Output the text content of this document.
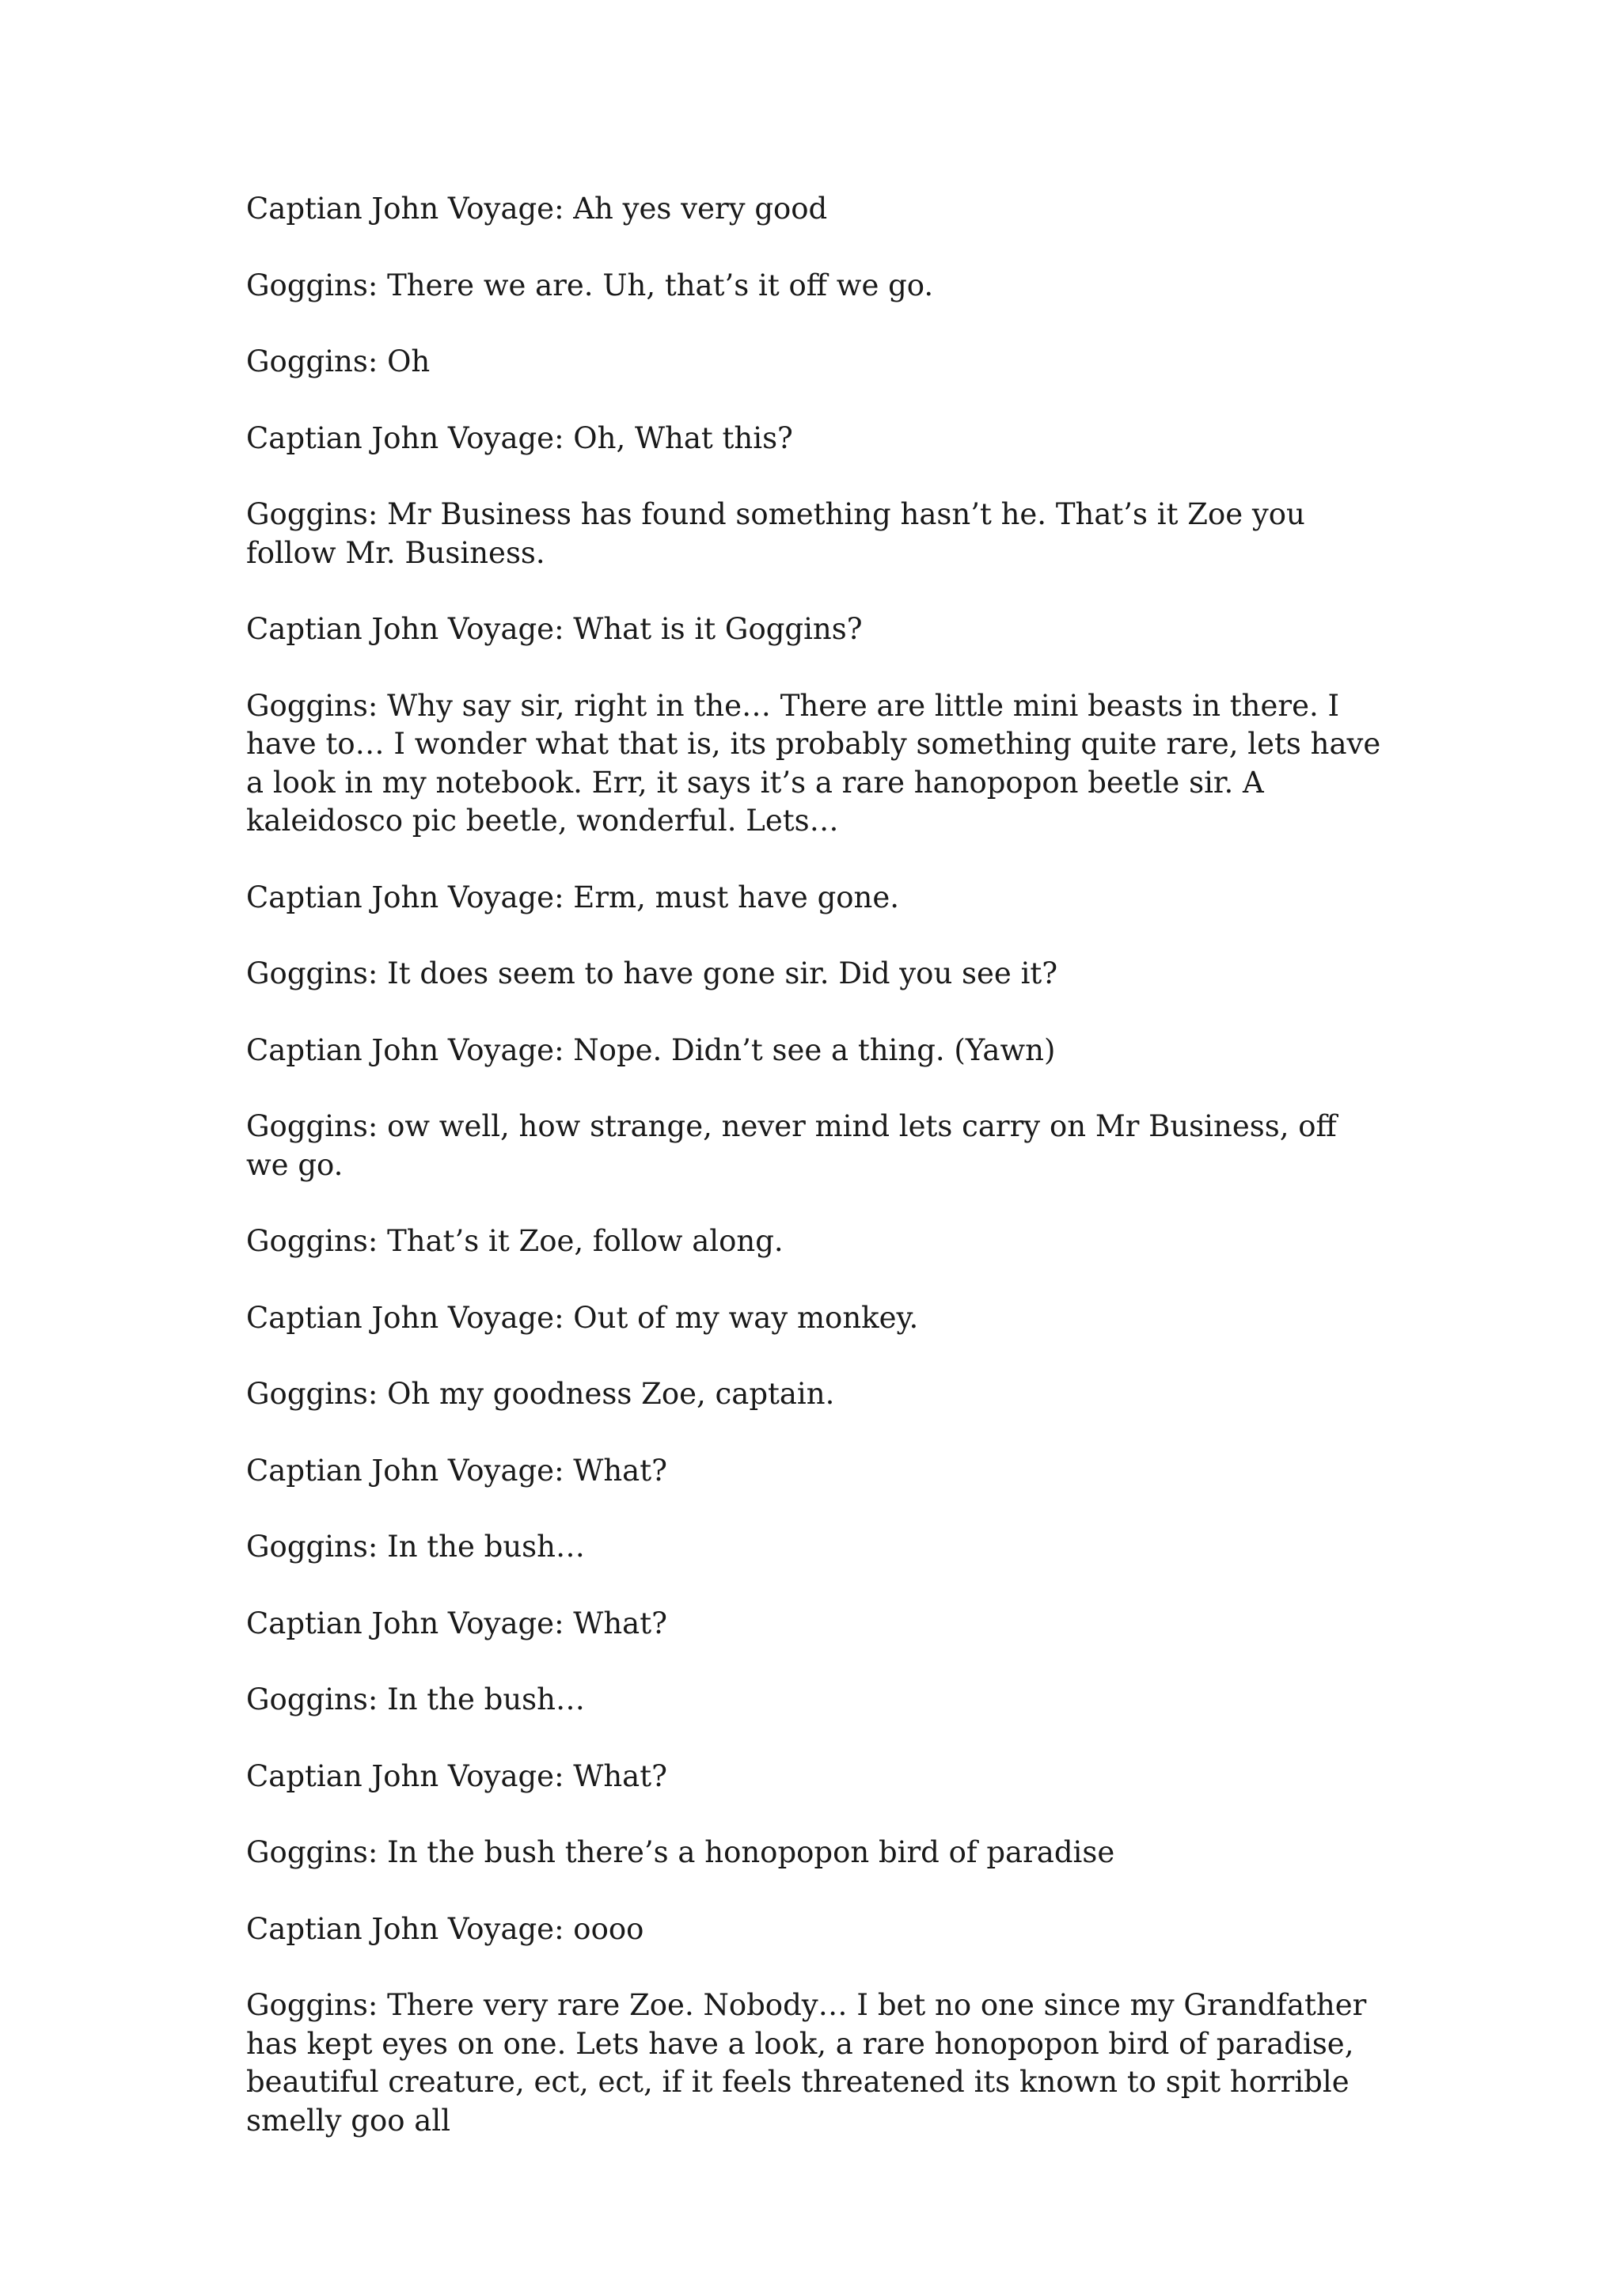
Captian John Voyage: Ah yes very good

Goggins: There we are. Uh, that’s it off we go.

Goggins: Oh

Captian John Voyage: Oh, What this?

Goggins: Mr Business has found something hasn’t he. That’s it Zoe you follow Mr. Business.

Captian John Voyage: What is it Goggins?

Goggins: Why say sir, right in the… There are little mini beasts in there. I have to… I wonder what that is, its probably something quite rare, lets have a look in my notebook. Err, it says it’s a rare hanopopon beetle sir. A kaleidosco pic beetle, wonderful. Lets…

Captian John Voyage: Erm, must have gone.

Goggins: It does seem to have gone sir. Did you see it?

Captian John Voyage: Nope. Didn’t see a thing. (Yawn)

Goggins: ow well, how strange, never mind lets carry on Mr Business, off we go.

Goggins: That’s it Zoe, follow along.

Captian John Voyage: Out of my way monkey.

Goggins: Oh my goodness Zoe, captain.

Captian John Voyage: What?

Goggins: In the bush…

Captian John Voyage: What?

Goggins: In the bush…

Captian John Voyage: What?

Goggins: In the bush there’s a honopopon bird of paradise

Captian John Voyage: oooo

Goggins: There very rare Zoe. Nobody… I bet no one since my Grandfather has kept eyes on one. Lets have a look, a rare honopopon bird of paradise, beautiful creature, ect, ect, if it feels threatened its known to spit horrible smelly goo all
